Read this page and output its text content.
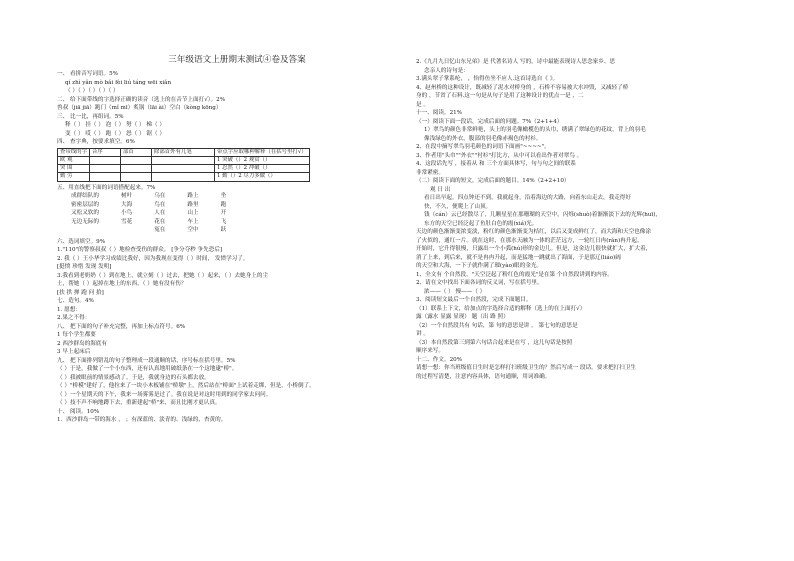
三年级语文上册期末测试④卷及答案
一、 看拼音写词语。5%
qí zhì yǎn mò bǎi fèi liú táng wēi xiǎn
（ ）（ ）（ ）（ ）（ ）
二、 给下面带线的字选择正确的读音（选上的在音节上面打√）。2%
兽叔（jiā jiā）跑门（mǐ mī）炙锅（lāi ài）空白（kòng kōng）
三、 比一比，再组词。5%
释（ ） 挂（ ） 泡（ ） 努（ ） 梯（ ）
变（ ） 哎（ ） 跑（ ） 怒（ ） 锯（ ）
四、 查字典，按要求填空。6%
查带线的字	音序	部首	除部首外有几笔	带点字应取哪种解释（在括号里打√）
欧 观				1 突破（）2 观赏（）
突 围				1 忍然（）2 冲破（）
勤 劳				1 勤（）2 尽力多做（）
五、用直线把下面的词语搭配起来。7%
成群结队的	树叶	乌在	路上	坐
密密层层的	大海	鸟在	路里	跑
又松又软的	小鸟	人在	山上	开
无边无际的	雪花	花在	车上	飞
冤在	空中	跃
六、选词填空。9%
1."110"的警察叔叔（ ）地检查受伤的群众。 [争分夺秒 争先恐后]
2. 我（ ）王小华学习成绩比我好，因为我现在变得（ ）时间， 发愤学习了。
[挺愤 珍惜 发现 发明]
3.我看到老奶奶（ ）到在地上，就立刻（ ）过去，把她（ ）起来，（ ）去她身上的尘
土，帮她（ ）起掉在地上的东西，（ ）她有没有伤？
[扶 拱 掸 跑 问 拾]
七、造句。4%
1. 愿想：
2.果之不得：
八、 把下面的句子补充完整，再加上标点符号。6%
1 每个学生都要
2 西沙群岛的海底有
3 早上起床后
九、 把下面排列错乱的句子整理成一段通顺的话，序号标在括号里。5%
（ ）于是，我做了一个小东西，还有认真地用破纸条在一个这地逮"桥"。
（ ）我被眼前的情景感动了。于是，我就身边的石头都去放。
（ ）"桥模"建好了，他拉来了一块小木板铺在"桥墩"上，然后站在"桥面"上试着走绑，但是，小桥倒了。
（ ）一个星期天的下午，我来一场雾雾是过了。我在说是对这时用到的同学家去问问。
（ ）技不声不响地蹲下去，重新建起"桥"来，而且比刚才更认真。
十、 阅读。10%
1．西沙群岛一带的海水 ， ；有深蓝的、淡青的、浅绿的、杏黄的。
2.《九月九日忆山东兄弟》是 代著名诗人 写的，诗中最能表现诗人思念家乡、思
念亲人的诗句是：
3.满头翠子掌系纶， ，怡得鱼坐不应人.这首诗选自《 》。
4、赵州桥的这种设计，既减轻了泥水对桥身的 ，石桥不容易被大水冲毁，又减轻了桥
身的 ，节省了石料.这一句是从句子是用了这种设计的优点一是 ，二
是 。
十一、阅读。21%
（一）阅读下面一段话，完成后面的问题。7%（2+1+4）
1）翠鸟的颜色非常鲜艳，头上的羽毛像橄榄色的头巾，绣满了翠绿色的花纹，背上的羽毛
像浅绿色的外衣，腹部的羽毛像赤褐色的衬衫。
2、在段中摘写翠鸟羽毛颜色的词语下面画"~~~~"。
3、作者用"头巾""外衣""衬衫"打比方，从中可以看出作者对翠鸟 。
4、这段话先写 ，接着从 和 三个方面具体写，句与句之间的联系
非常紧密。
（二）阅读下面的短文，完成后面的题目。14%（2+2+10）
观 日 出
看日出早起。四点钟还不到，我就起身，沿着海边的大路，向着东山走去，我走得好
快，不久，便爬上了山顶。
钱（cán）云已经散尽了，几颗星星在那珊瑚的天空中，闪烁(shuò)着渐渐淡下去的光辉(huī)，
东方的天空已经泛起了鱼肚白色的霞(xiá)光。
天边的颜色渐渐变浓变淡，粉红的颜色渐渐变为桔红，以后又变成鲜红了，而大海和天空也像涂
了火似的，通红一片。就在这时，在那水天融为一体的茫茫远方，一轮红日冉(rǎn)冉升起。
开始时，它升得很慢，只露出一个小弧(hú)形的金边儿。但是，这金边儿很快就扩大，扩大着，
消了上来，到后来，就不是冉冉升起，而是猛地一跳就出了海面，于是那辽(liáo)阔
的天空和大海，一下子就作满了璀(yào)眼的金光。
1、全文有 个自然段，"天空泛起了粉红色的霞光"是在第 个自然段讲到的内容。
2、请在文中找出下面各词的反义词，写在括号里。
浓——（ ） 慢——（ ）
3、阅读短文最后一个自然段，完成下面题目。
（1）联系上下文，给加点的字选择合适的解释（选上的在上面打√）
露（露水 显露 显现） 题（出 路 照）
（2）一个自然段共有 句话，第 句的意思是讲 。 第七句的意思是
讲 。
（3）本自然段第三到第六句话合起来是在写 ，这几句话是按照
顺序来写。
十二、作文。20%
请想一想：你当班级值日生时是怎样打扫班级卫生的？然后写成一 段话。要求把打扫卫生
的过程写清楚，注意内容具体，语句通顺，用词准确。
